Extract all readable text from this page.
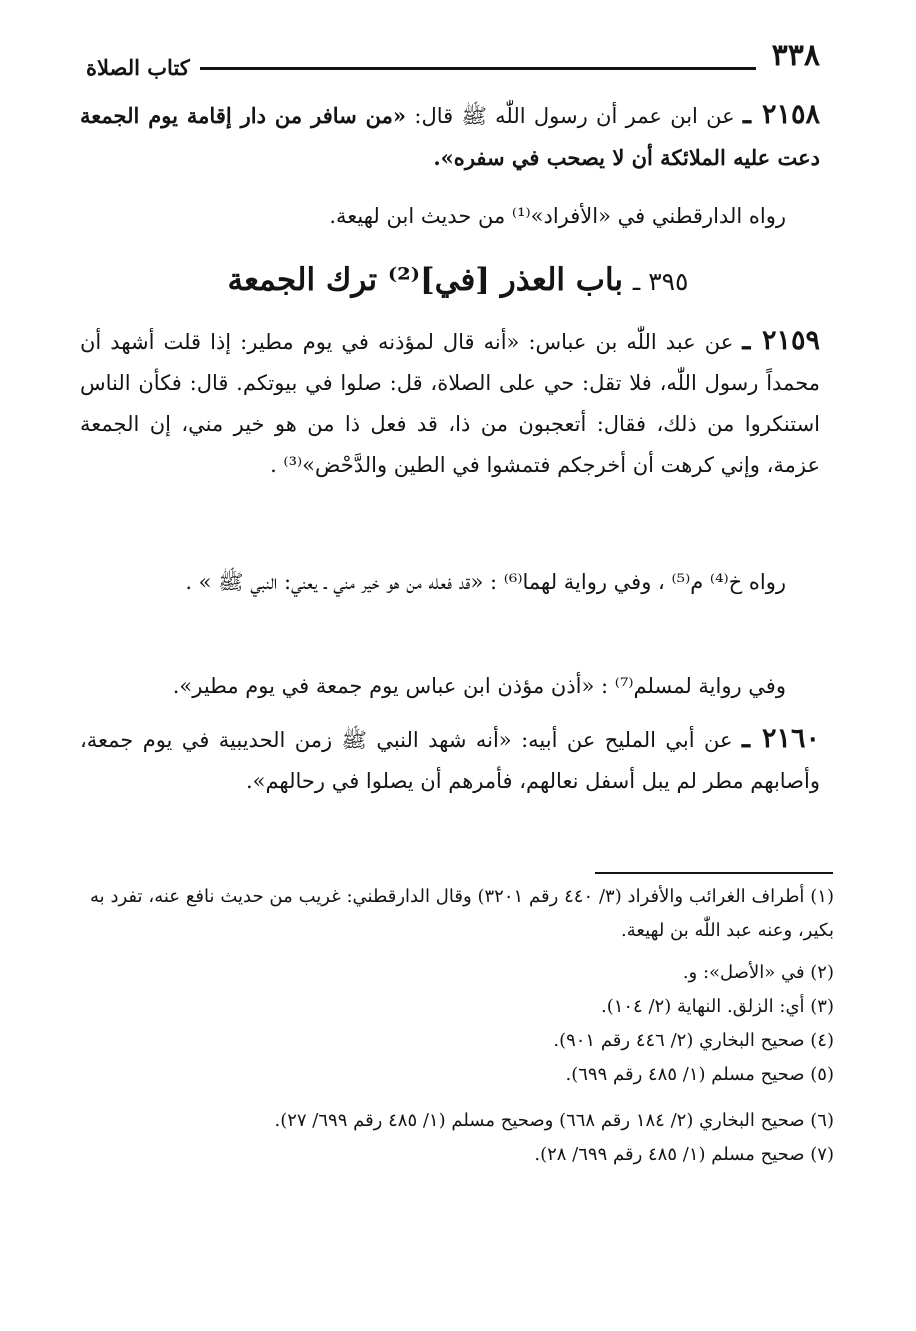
٣٣٨
كتاب الصلاة
٢١٥٨ ـ عن ابن عمر أن رسول اللّٰه ﷺ قال: «من سافر من دار إقامة يوم الجمعة دعت عليه الملائكة أن لا يصحب في سفره».
رواه الدارقطني في «الأفراد»⁽¹⁾ من حديث ابن لهيعة.
٣٩٥ ـ باب العذر [في]⁽²⁾ ترك الجمعة
٢١٥٩ ـ عن عبد اللّٰه بن عباس: «أنه قال لمؤذنه في يوم مطير: إذا قلت أشهد أن محمداً رسول اللّٰه، فلا تقل: حي على الصلاة، قل: صلوا في بيوتكم. قال: فكأن الناس استنكروا من ذلك، فقال: أتعجبون من ذا، قد فعل ذا من هو خير مني، إن الجمعة عزمة، وإني كرهت أن أخرجكم فتمشوا في الطين والدَّحْض»⁽³⁾ .
رواه خ⁽⁴⁾ م⁽⁵⁾ ، وفي رواية لهما⁽⁶⁾ : «قد فعله من هو خير مني ـ يعني: النبي ﷺ » .
وفي رواية لمسلم⁽⁷⁾ : «أذن مؤذن ابن عباس يوم جمعة في يوم مطير».
٢١٦٠ ـ عن أبي المليح عن أبيه: «أنه شهد النبي ﷺ زمن الحديبية في يوم جمعة، وأصابهم مطر لم يبل أسفل نعالهم، فأمرهم أن يصلوا في رحالهم».
(١) أطراف الغرائب والأفراد (٣/ ٤٤٠ رقم ٣٢٠١) وقال الدارقطني: غريب من حديث نافع عنه، تفرد به بكير، وعنه عبد اللّٰه بن لهيعة.
(٢) في «الأصل»: و.
(٣) أي: الزلق. النهاية (٢/ ١٠٤).
(٤) صحيح البخاري (٢/ ٤٤٦ رقم ٩٠١).
(٥) صحيح مسلم (١/ ٤٨٥ رقم ٦٩٩).
(٦) صحيح البخاري (٢/ ١٨٤ رقم ٦٦٨) وصحيح مسلم (١/ ٤٨٥ رقم ٦٩٩/ ٢٧).
(٧) صحيح مسلم (١/ ٤٨٥ رقم ٦٩٩/ ٢٨).
